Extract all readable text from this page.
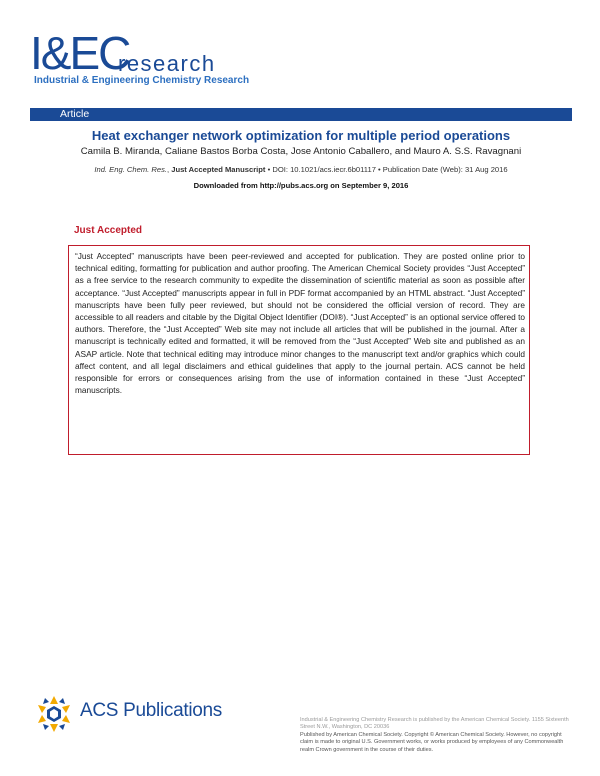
I&EC
research
Industrial & Engineering Chemistry Research
Article
Heat exchanger network optimization for multiple period operations
Camila B. Miranda, Caliane Bastos Borba Costa, Jose Antonio Caballero, and Mauro A. S.S. Ravagnani
Ind. Eng. Chem. Res., Just Accepted Manuscript • DOI: 10.1021/acs.iecr.6b01117 • Publication Date (Web): 31 Aug 2016
Downloaded from http://pubs.acs.org on September 9, 2016
Just Accepted

“Just Accepted” manuscripts have been peer-reviewed and accepted for publication. They are posted online prior to technical editing, formatting for publication and author proofing. The American Chemical Society provides “Just Accepted” as a free service to the research community to expedite the dissemination of scientific material as soon as possible after acceptance. “Just Accepted” manuscripts appear in full in PDF format accompanied by an HTML abstract. “Just Accepted” manuscripts have been fully peer reviewed, but should not be considered the official version of record. They are accessible to all readers and citable by the Digital Object Identifier (DOI®). “Just Accepted” is an optional service offered to authors. Therefore, the “Just Accepted” Web site may not include all articles that will be published in the journal. After a manuscript is technically edited and formatted, it will be removed from the “Just Accepted” Web site and published as an ASAP article. Note that technical editing may introduce minor changes to the manuscript text and/or graphics which could affect content, and all legal disclaimers and ethical guidelines that apply to the journal pertain. ACS cannot be held responsible for errors or consequences arising from the use of information contained in these “Just Accepted” manuscripts.

ACS Publications	Industrial & Engineering Chemistry Research is published by the American Chemical Society. 1155 Sixteenth Street N.W., Washington, DC 20036
Published by American Chemical Society. Copyright © American Chemical Society. However, no copyright claim is made to original U.S. Government works, or works produced by employees of any Commonwealth realm Crown government in the course of their duties.
